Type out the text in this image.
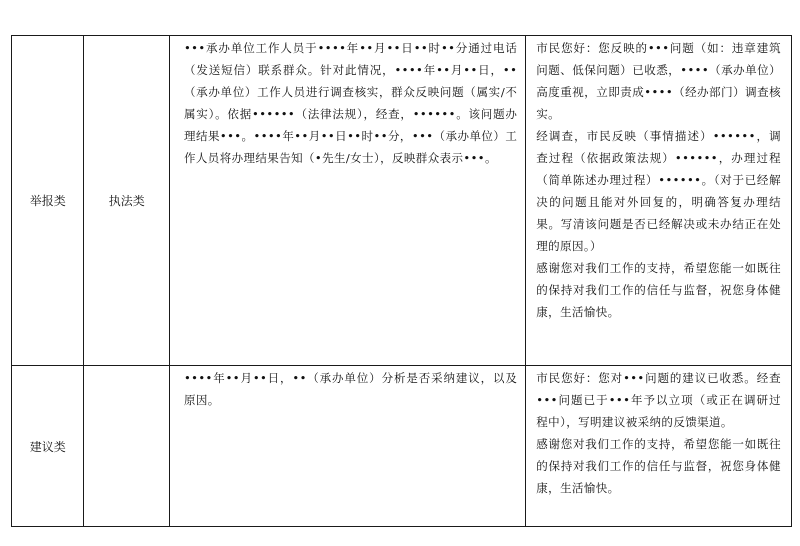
举报类	执法类	•••承办单位工作人员于••••年••月••日••时••分通过电话（发送短信）联系群众。针对此情况，••••年••月••日，••（承办单位）工作人员进行调查核实，群众反映问题（属实/不属实）。依据••••••（法律法规），经查，••••••。该问题办理结果•••。••••年••月••日••时••分，•••（承办单位）工作人员将办理结果告知（•先生/女士），反映群众表示•••。	市民您好：您反映的•••问题（如：违章建筑问题、低保问题）已收悉，••••（承办单位）高度重视，立即责成••••（经办部门）调查核实。
经调查，市民反映（事情描述）••••••，调查过程（依据政策法规）••••••，办理过程（简单陈述办理过程）••••••。（对于已经解决的问题且能对外回复的，明确答复办理结果。写清该问题是否已经解决或未办结正在处理的原因。）
感谢您对我们工作的支持，希望您能一如既往的保持对我们工作的信任与监督，祝您身体健康，生活愉快。

建议类		••••年••月••日，••（承办单位）分析是否采纳建议，以及原因。	市民您好：您对•••问题的建议已收悉。经查•••问题已于•••年予以立项（或正在调研过程中），写明建议被采纳的反馈渠道。
感谢您对我们工作的支持，希望您能一如既往的保持对我们工作的信任与监督，祝您身体健康，生活愉快。
